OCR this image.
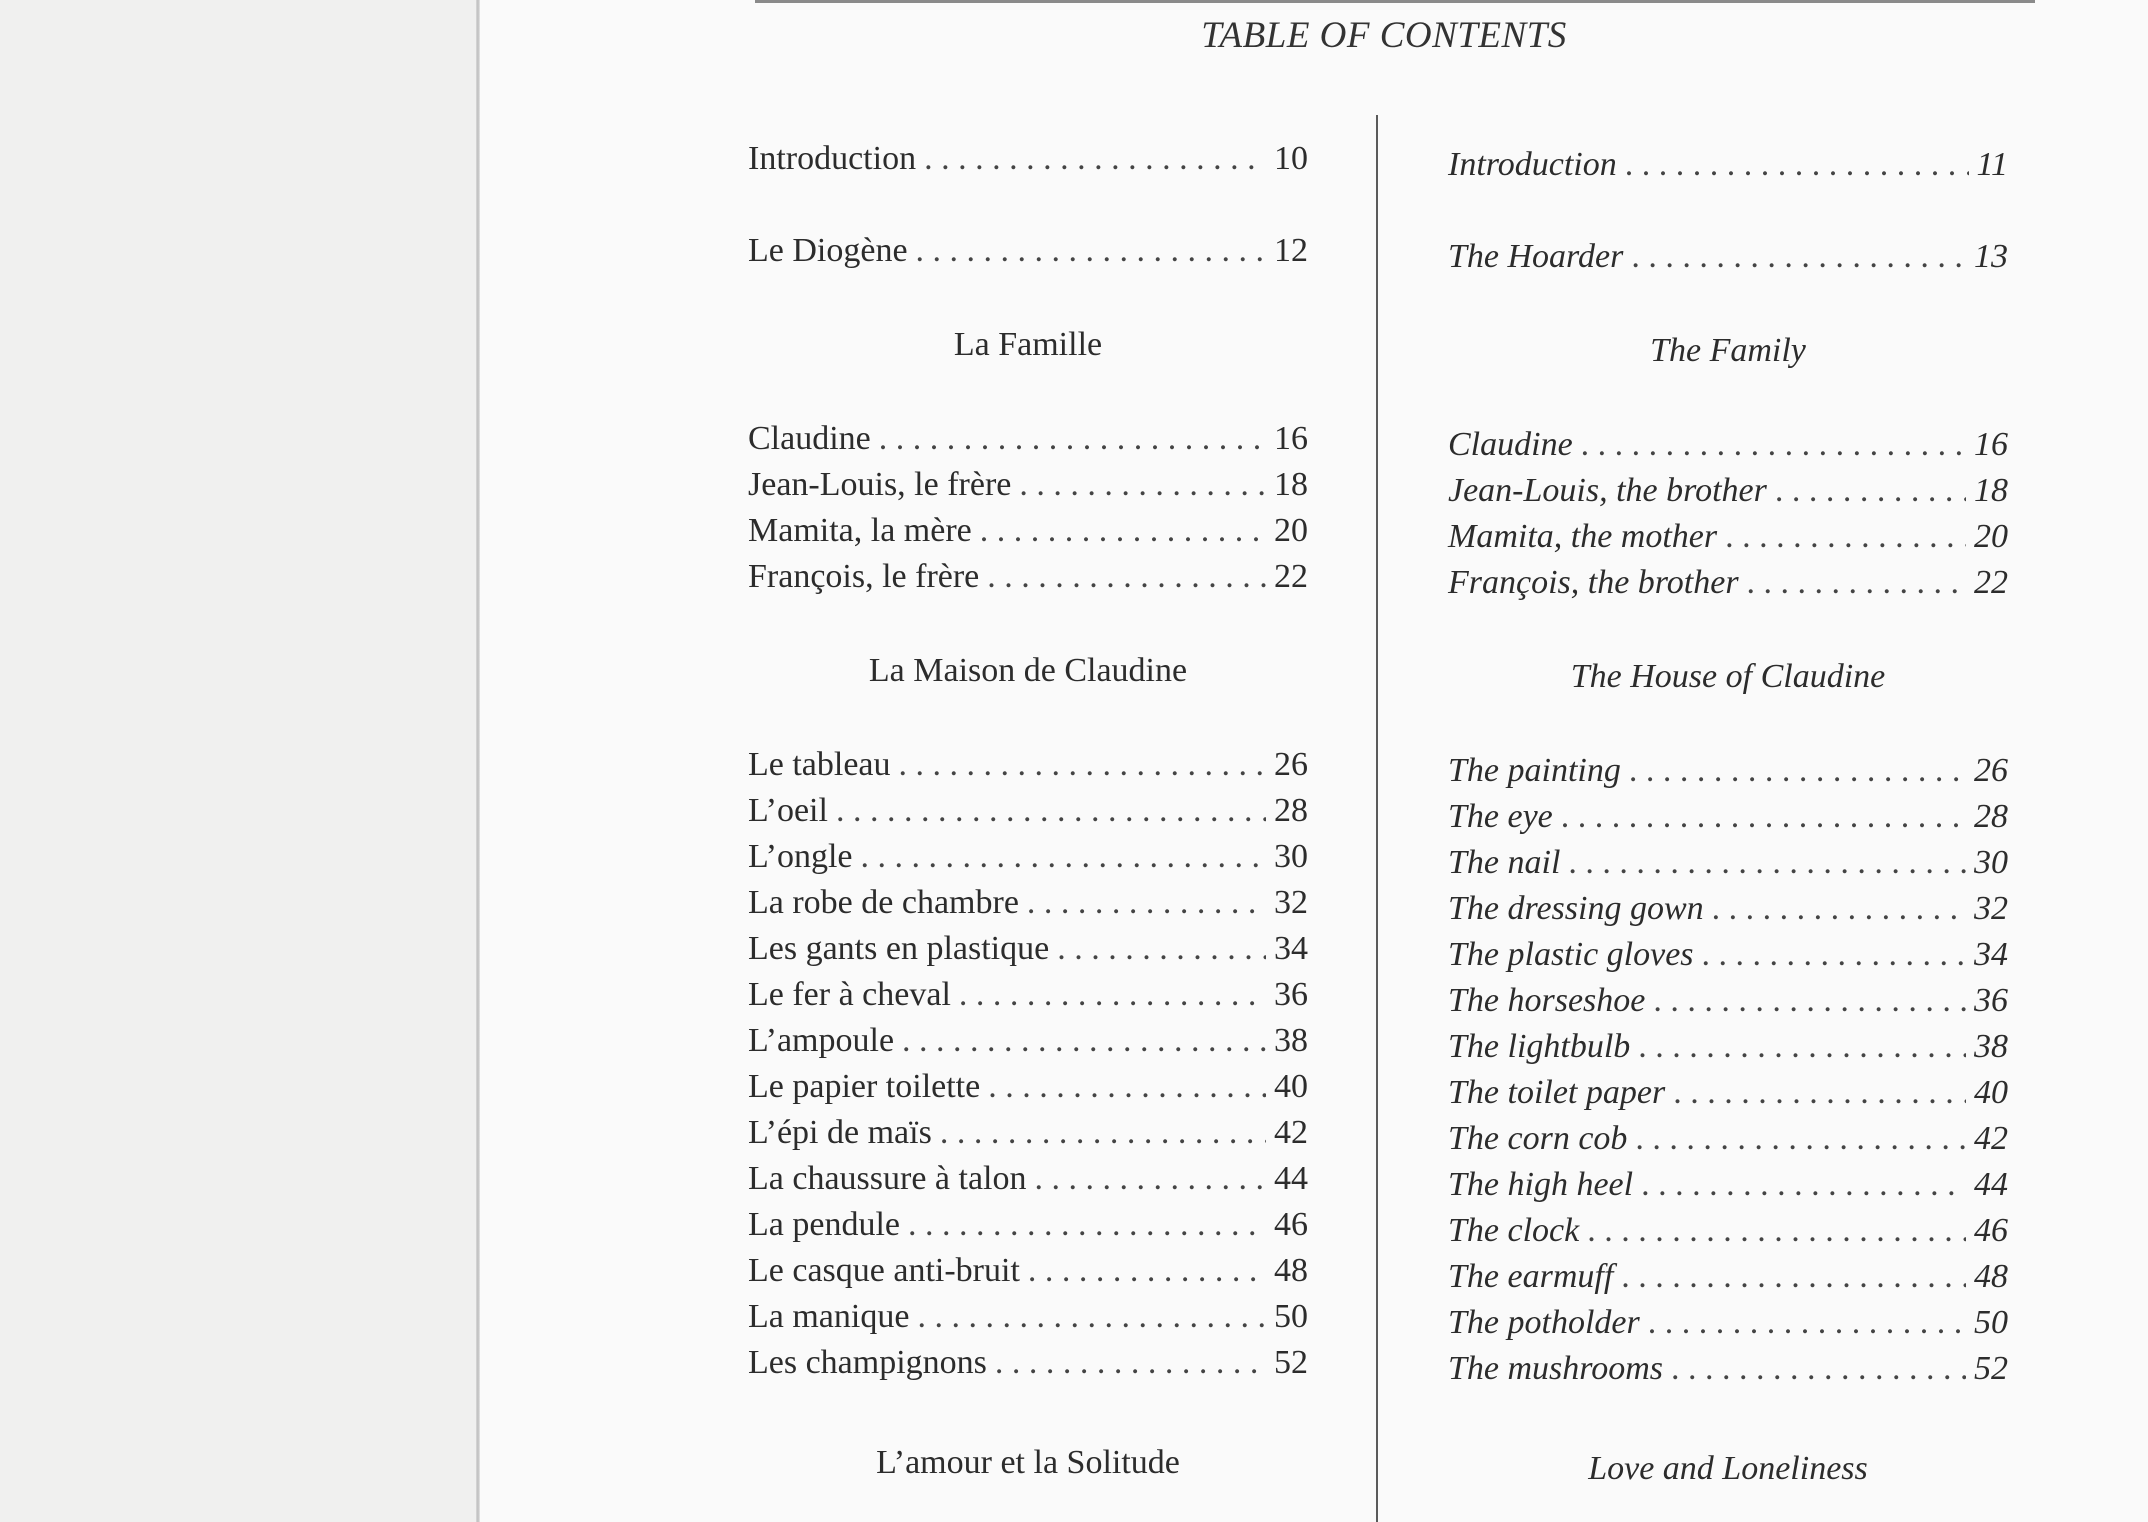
TABLE OF CONTENTS
Introduction . . .	10
Le Diogène . . .	12
La Famille
Claudine . . .	16
Jean-Louis, le frère . . .	18
Mamita, la mère . . .	20
François, le frère . . .	22
La Maison de Claudine
Le tableau . . .	26
L’oeil . . .	28
L’ongle . . .	30
La robe de chambre . . .	32
Les gants en plastique . . .	34
Le fer à cheval . . .	36
L’ampoule . . .	38
Le papier toilette . . .	40
L’épi de maïs . . .	42
La chaussure à talon . . .	44
La pendule . . .	46
Le casque anti-bruit . . .	48
La manique . . .	50
Les champignons . . .	52
L’amour et la Solitude
Introduction . . .	11
The Hoarder . . .	13
The Family
Claudine . . .	16
Jean-Louis, the brother . . .	18
Mamita, the mother . . .	20
François, the brother . . .	22
The House of Claudine
The painting . . .	26
The eye . . .	28
The nail . . .	30
The dressing gown . . .	32
The plastic gloves . . .	34
The horseshoe . . .	36
The lightbulb . . .	38
The toilet paper . . .	40
The corn cob . . .	42
The high heel . . .	44
The clock . . .	46
The earmuff . . .	48
The potholder . . .	50
The mushrooms . . .	52
Love and Loneliness
